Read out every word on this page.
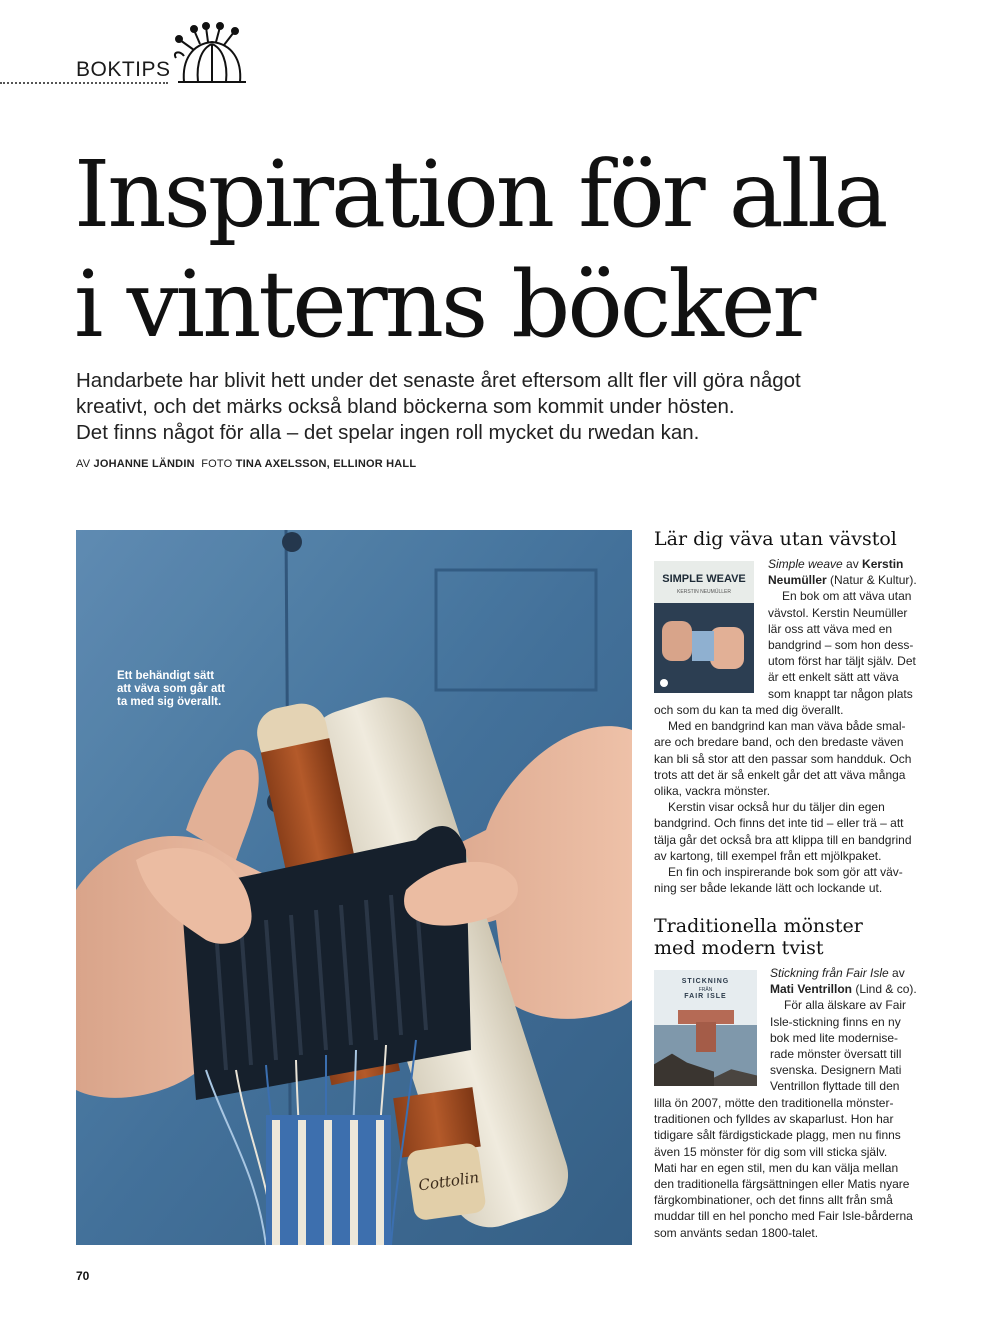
BOKTIPS
Inspiration för alla
i vinterns böcker

Handarbete har blivit hett under det senaste året eftersom allt fler vill göra något
kreativt, och det märks också bland böckerna som kommit under hösten.
Det finns något för alla – det spelar ingen roll mycket du rwedan kan.

AV JOHANNE LÄNDIN FOTO TINA AXELSSON, ELLINOR HALL
Cottolin
Ett behändigt sätt
att väva som går att
ta med sig överallt.
Lär dig väva utan vävstol
SIMPLE WEAVE
KERSTIN NEUMÜLLER

Simple weave av Kerstin
Neumüller (Natur & Kultur).
En bok om att väva utan
vävstol. Kerstin Neumüller
lär oss att väva med en
bandgrind – som hon dess-
utom först har täljt själv. Det
är ett enkelt sätt att väva
som knappt tar någon plats

och som du kan ta med dig överallt.
Med en bandgrind kan man väva både smal-
are och bredare band, och den bredaste väven
kan bli så stor att den passar som handduk. Och
trots att det är så enkelt går det att väva många
olika, vackra mönster.
Kerstin visar också hur du täljer din egen
bandgrind. Och finns det inte tid – eller trä – att
tälja går det också bra att klippa till en bandgrind
av kartong, till exempel från ett mjölkpaket.
En fin och inspirerande bok som gör att väv-
ning ser både lekande lätt och lockande ut.

Traditionella mönster
med modern tvist
STICKNING
FRÅN
FAIR ISLE

Stickning från Fair Isle av
Mati Ventrillon (Lind & co).
För alla älskare av Fair
Isle-stickning finns en ny
bok med lite modernise-
rade mönster översatt till
svenska. Designern Mati
Ventrillon flyttade till den

lilla ön 2007, mötte den traditionella mönster-
traditionen och fylldes av skaparlust. Hon har
tidigare sålt färdigstickade plagg, men nu finns
även 15 mönster för dig som vill sticka själv.
Mati har en egen stil, men du kan välja mellan
den traditionella färgsättningen eller Matis nyare
färgkombinationer, och det finns allt från små
muddar till en hel poncho med Fair Isle-bårderna
som använts sedan 1800-talet.

70
